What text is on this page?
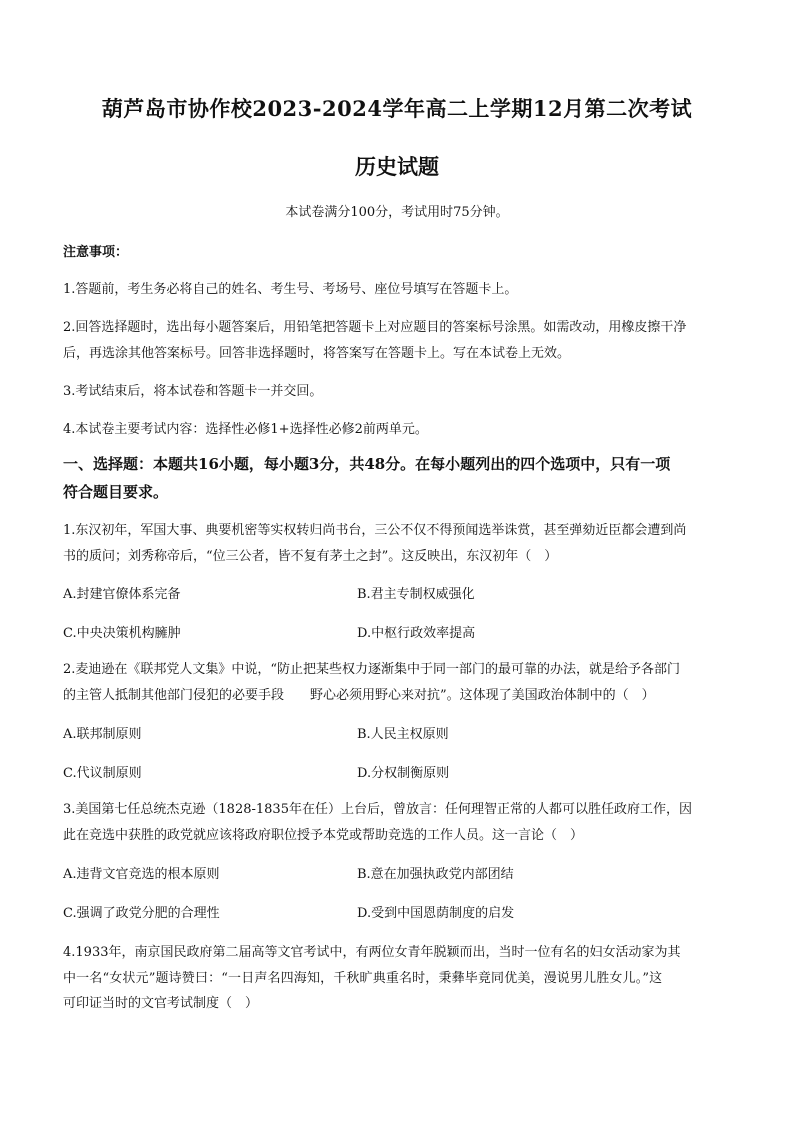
葫芦岛市协作校2023-2024学年高二上学期12月第二次考试
历史试题
本试卷满分100分，考试用时75分钟。
注意事项：
1.答题前，考生务必将自己的姓名、考生号、考场号、座位号填写在答题卡上。
2.回答选择题时，选出每小题答案后，用铅笔把答题卡上对应题目的答案标号涂黑。如需改动，用橡皮擦干净
后，再选涂其他答案标号。回答非选择题时，将答案写在答题卡上。写在本试卷上无效。
3.考试结束后，将本试卷和答题卡一并交回。
4.本试卷主要考试内容：选择性必修1+选择性必修2前两单元。
一、选择题：本题共16小题，每小题3分，共48分。在每小题列出的四个选项中，只有一项
符合题目要求。
1.东汉初年，军国大事、典要机密等实权转归尚书台，三公不仅不得预闻选举诛赏，甚至弹劾近臣都会遭到尚
书的质问；刘秀称帝后，“位三公者，皆不复有茅土之封”。这反映出，东汉初年（　）
A.封建官僚体系完备	B.君主专制权威强化
C.中央决策机构臃肿	D.中枢行政效率提高
2.麦迪逊在《联邦党人文集》中说，“防止把某些权力逐渐集中于同一部门的最可靠的办法，就是给予各部门
的主管人抵制其他部门侵犯的必要手段　　野心必须用野心来对抗”。这体现了美国政治体制中的（　）
A.联邦制原则	B.人民主权原则
C.代议制原则	D.分权制衡原则
3.美国第七任总统杰克逊（1828-1835年在任）上台后，曾放言：任何理智正常的人都可以胜任政府工作，因
此在竞选中获胜的政党就应该将政府职位授予本党或帮助竞选的工作人员。这一言论（　）
A.违背文官竞选的根本原则	B.意在加强执政党内部团结
C.强调了政党分肥的合理性	D.受到中国恩荫制度的启发
4.1933年，南京国民政府第二届高等文官考试中，有两位女青年脱颖而出，当时一位有名的妇女活动家为其
中一名“女状元”题诗赞曰：“一日声名四海知，千秋旷典重名时，秉彝毕竟同优美，漫说男儿胜女儿。”这
可印证当时的文官考试制度（　）
